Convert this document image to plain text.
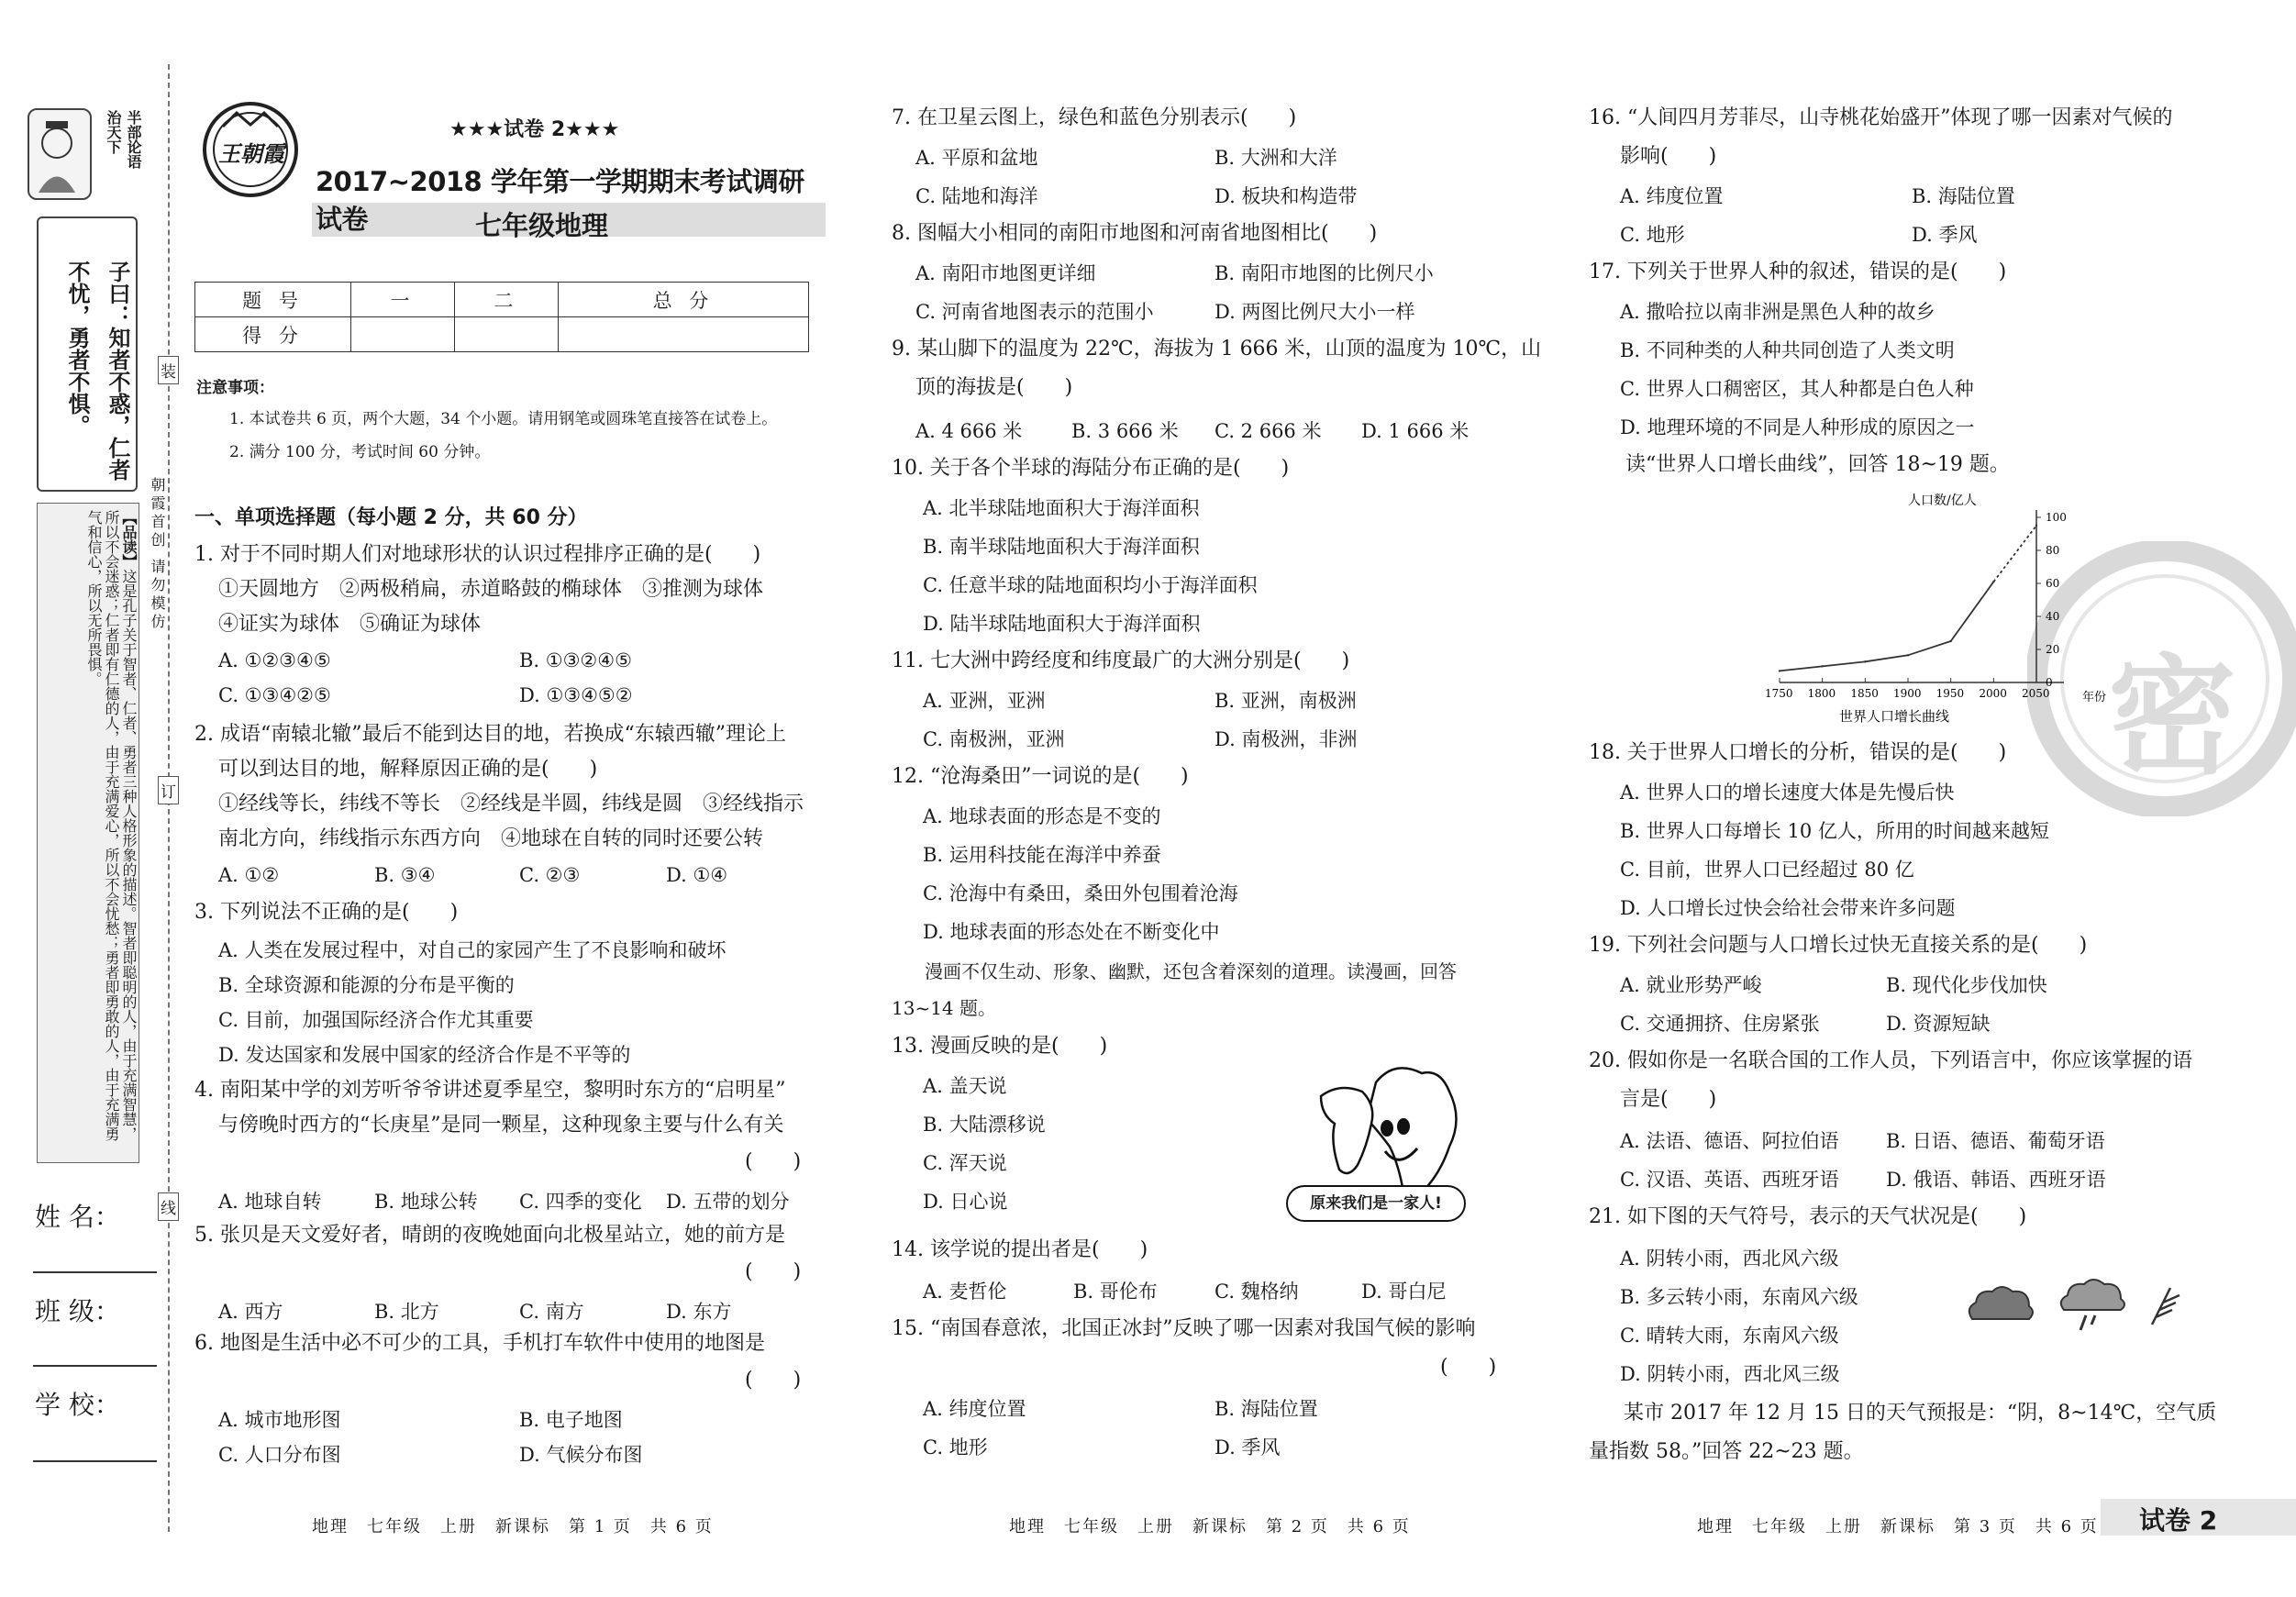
半部论语
治天下
子曰：知者不惑，仁者不忧，勇者不惧。
【品读】这是孔子关于智者、仁者、勇者三种人格形象的描述。智者即聪明的人，由于充满智慧，所以不会迷惑；仁者即有仁德的人，由于充满爱心，所以不会忧愁；勇者即勇敢的人，由于充满勇气和信心，所以无所畏惧。
装
订
线
朝霞首创 请勿模仿
姓 名：
班 级：
学 校：
王朝霞
★★★试卷 2★★★
2017~2018 学年第一学期期末考试调研试卷	七年级地理
题 号	一	二	总 分
得 分			
注意事项：
1. 本试卷共 6 页，两个大题，34 个小题。请用钢笔或圆珠笔直接答在试卷上。
2. 满分 100 分，考试时间 60 分钟。
一、单项选择题（每小题 2 分，共 60 分）
1. 对于不同时期人们对地球形状的认识过程排序正确的是(　　)
①天圆地方　②两极稍扁，赤道略鼓的椭球体　③推测为球体
④证实为球体　⑤确证为球体
A. ①②③④⑤	B. ①③②④⑤
C. ①③④②⑤	D. ①③④⑤②
2. 成语“南辕北辙”最后不能到达目的地，若换成“东辕西辙”理论上
可以到达目的地，解释原因正确的是(　　)
①经线等长，纬线不等长　②经线是半圆，纬线是圆　③经线指示
南北方向，纬线指示东西方向　④地球在自转的同时还要公转
A. ①②	B. ③④	C. ②③	D. ①④
3. 下列说法不正确的是(　　)
A. 人类在发展过程中，对自己的家园产生了不良影响和破坏
B. 全球资源和能源的分布是平衡的
C. 目前，加强国际经济合作尤其重要
D. 发达国家和发展中国家的经济合作是不平等的
4. 南阳某中学的刘芳听爷爷讲述夏季星空，黎明时东方的“启明星”
与傍晚时西方的“长庚星”是同一颗星，这种现象主要与什么有关
(　　)
A. 地球自转	B. 地球公转 C. 四季的变化 D. 五带的划分
5. 张贝是天文爱好者，晴朗的夜晚她面向北极星站立，她的前方是
(　　)
A. 西方	B. 北方	C. 南方	D. 东方
6. 地图是生活中必不可少的工具，手机打车软件中使用的地图是
(　　)
A. 城市地形图	B. 电子地图
C. 人口分布图	D. 气候分布图
地理　七年级　上册　新课标　第 1 页　共 6 页
7. 在卫星云图上，绿色和蓝色分别表示(　　)
A. 平原和盆地	B. 大洲和大洋
C. 陆地和海洋	D. 板块和构造带
8. 图幅大小相同的南阳市地图和河南省地图相比(　　)
A. 南阳市地图更详细	B. 南阳市地图的比例尺小
C. 河南省地图表示的范围小	D. 两图比例尺大小一样
9. 某山脚下的温度为 22℃，海拔为 1 666 米，山顶的温度为 10℃，山
顶的海拔是(　　)
A. 4 666 米	B. 3 666 米 C. 2 666 米 D. 1 666 米
10. 关于各个半球的海陆分布正确的是(　　)
A. 北半球陆地面积大于海洋面积
B. 南半球陆地面积大于海洋面积
C. 任意半球的陆地面积均小于海洋面积
D. 陆半球陆地面积大于海洋面积
11. 七大洲中跨经度和纬度最广的大洲分别是(　　)
A. 亚洲，亚洲	B. 亚洲，南极洲
C. 南极洲，亚洲	D. 南极洲，非洲
12. “沧海桑田”一词说的是(　　)
A. 地球表面的形态是不变的
B. 运用科技能在海洋中养蚕
C. 沧海中有桑田，桑田外包围着沧海
D. 地球表面的形态处在不断变化中
漫画不仅生动、形象、幽默，还包含着深刻的道理。读漫画，回答
13~14 题。
13. 漫画反映的是(　　)
A. 盖天说
B. 大陆漂移说
C. 浑天说
D. 日心说	原来我们是一家人!
14. 该学说的提出者是(　　)
A. 麦哲伦	B. 哥伦布	C. 魏格纳	D. 哥白尼
15. “南国春意浓，北国正冰封”反映了哪一因素对我国气候的影响
(　　)
A. 纬度位置	B. 海陆位置
C. 地形	D. 季风
地理　七年级　上册　新课标　第 2 页　共 6 页
密
16. “人间四月芳菲尽，山寺桃花始盛开”体现了哪一因素对气候的
影响(　　)
A. 纬度位置	B. 海陆位置
C. 地形	D. 季风
17. 下列关于世界人种的叙述，错误的是(　　)
A. 撒哈拉以南非洲是黑色人种的故乡
B. 不同种类的人种共同创造了人类文明
C. 世界人口稠密区，其人种都是白色人种
D. 地理环境的不同是人种形成的原因之一
读“世界人口增长曲线”，回答 18~19 题。
人口数/亿人
年份
世界人口增长曲线
1750 1800 1850 1900 1950 2000 2050
0
20
40
60
80
100
18. 关于世界人口增长的分析，错误的是(　　)
A. 世界人口的增长速度大体是先慢后快
B. 世界人口每增长 10 亿人，所用的时间越来越短
C. 目前，世界人口已经超过 80 亿
D. 人口增长过快会给社会带来许多问题
19. 下列社会问题与人口增长过快无直接关系的是(　　)
A. 就业形势严峻	B. 现代化步伐加快
C. 交通拥挤、住房紧张	D. 资源短缺
20. 假如你是一名联合国的工作人员，下列语言中，你应该掌握的语
言是(　　)
A. 法语、德语、阿拉伯语 B. 日语、德语、葡萄牙语
C. 汉语、英语、西班牙语 D. 俄语、韩语、西班牙语
21. 如下图的天气符号，表示的天气状况是(　　)
A. 阴转小雨，西北风六级
B. 多云转小雨，东南风六级
C. 晴转大雨，东南风六级
D. 阴转小雨，西北风三级
某市 2017 年 12 月 15 日的天气预报是：“阴，8~14℃，空气质
量指数 58。”回答 22~23 题。
地理　七年级　上册　新课标　第 3 页　共 6 页 试卷 2
